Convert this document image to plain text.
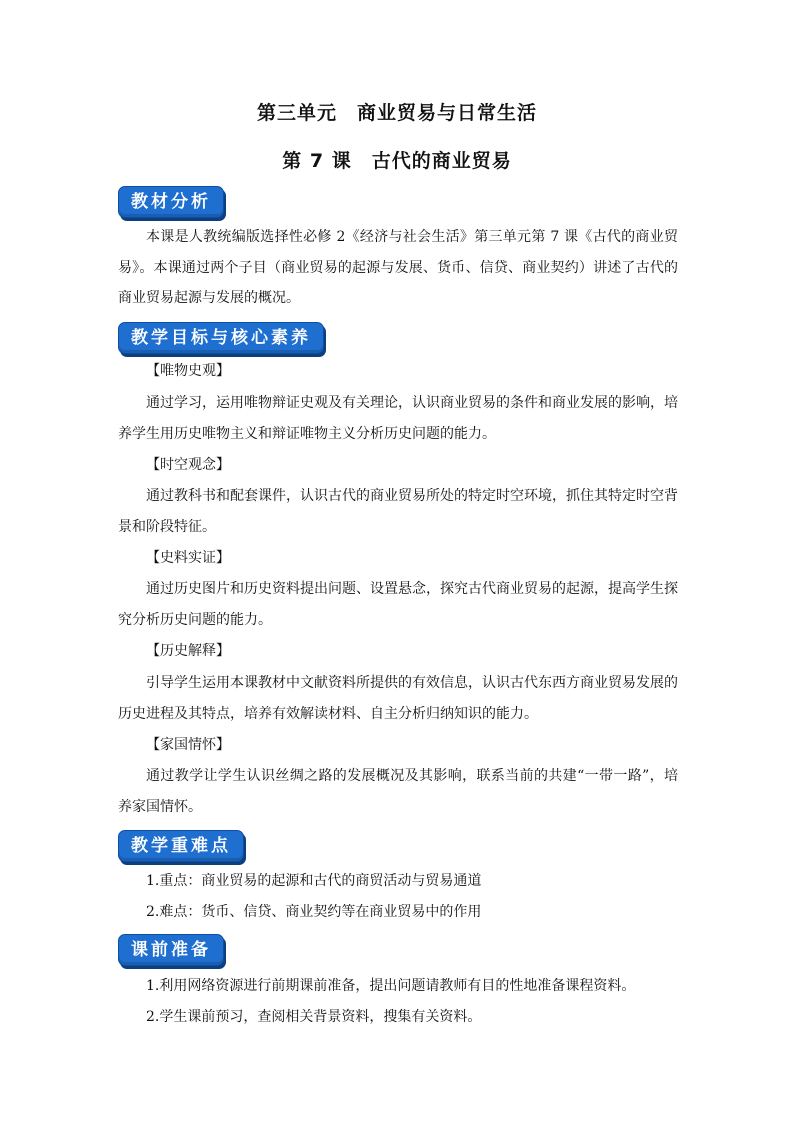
第三单元　商业贸易与日常生活
第 7 课　古代的商业贸易
教材分析

本课是人教统编版选择性必修 2《经济与社会生活》第三单元第 7 课《古代的商业贸易》。本课通过两个子目（商业贸易的起源与发展、货币、信贷、商业契约）讲述了古代的商业贸易起源与发展的概况。

教学目标与核心素养
【唯物史观】

通过学习，运用唯物辩证史观及有关理论，认识商业贸易的条件和商业发展的影响，培养学生用历史唯物主义和辩证唯物主义分析历史问题的能力。

【时空观念】

通过教科书和配套课件，认识古代的商业贸易所处的特定时空环境，抓住其特定时空背景和阶段特征。

【史料实证】

通过历史图片和历史资料提出问题、设置悬念，探究古代商业贸易的起源，提高学生探究分析历史问题的能力。

【历史解释】

引导学生运用本课教材中文献资料所提供的有效信息，认识古代东西方商业贸易发展的历史进程及其特点，培养有效解读材料、自主分析归纳知识的能力。

【家国情怀】

通过教学让学生认识丝绸之路的发展概况及其影响，联系当前的共建“一带一路”，培养家国情怀。

教学重难点
1.重点：商业贸易的起源和古代的商贸活动与贸易通道
2.难点：货币、信贷、商业契约等在商业贸易中的作用
课前准备
1.利用网络资源进行前期课前准备，提出问题请教师有目的性地准备课程资料。
2.学生课前预习，查阅相关背景资料，搜集有关资料。
